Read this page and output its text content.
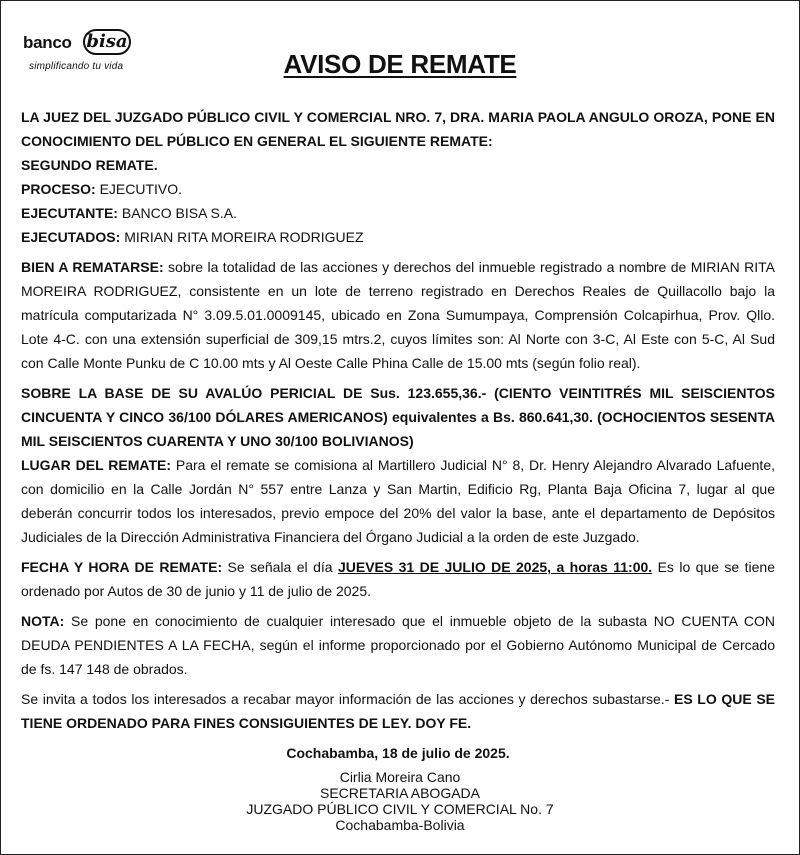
banco bisa
simplificando tu vida	AVISO DE REMATE

LA JUEZ DEL JUZGADO PÚBLICO CIVIL Y COMERCIAL NRO. 7, DRA. MARIA PAOLA ANGULO OROZA, PONE EN CONOCIMIENTO DEL PÚBLICO EN GENERAL EL SIGUIENTE REMATE:

SEGUNDO REMATE.

PROCESO: EJECUTIVO.

EJECUTANTE: BANCO BISA S.A.

EJECUTADOS: MIRIAN RITA MOREIRA RODRIGUEZ

BIEN A REMATARSE: sobre la totalidad de las acciones y derechos del inmueble registrado a nombre de MIRIAN RITA MOREIRA RODRIGUEZ, consistente en un lote de terreno registrado en Derechos Reales de Quillacollo bajo la matrícula computarizada N° 3.09.5.01.0009145, ubicado en Zona Sumumpaya, Comprensión Colcapirhua, Prov. Qllo. Lote 4-C. con una extensión superficial de 309,15 mtrs.2, cuyos límites son: Al Norte con 3-C, Al Este con 5-C, Al Sud con Calle Monte Punku de C 10.00 mts y Al Oeste Calle Phina Calle de 15.00 mts (según folio real).

SOBRE LA BASE DE SU AVALÚO PERICIAL DE Sus. 123.655,36.- (CIENTO VEINTITRÉS MIL SEISCIENTOS CINCUENTA Y CINCO 36/100 DÓLARES AMERICANOS) equivalentes a Bs. 860.641,30. (OCHOCIENTOS SESENTA MIL SEISCIENTOS CUARENTA Y UNO 30/100 BOLIVIANOS)

LUGAR DEL REMATE: Para el remate se comisiona al Martillero Judicial N° 8, Dr. Henry Alejandro Alvarado Lafuente, con domicilio en la Calle Jordán N° 557 entre Lanza y San Martin, Edificio Rg, Planta Baja Oficina 7, lugar al que deberán concurrir todos los interesados, previo empoce del 20% del valor la base, ante el departamento de Depósitos Judiciales de la Dirección Administrativa Financiera del Órgano Judicial a la orden de este Juzgado.

FECHA Y HORA DE REMATE: Se señala el día JUEVES 31 DE JULIO DE 2025, a horas 11:00. Es lo que se tiene ordenado por Autos de 30 de junio y 11 de julio de 2025.

NOTA: Se pone en conocimiento de cualquier interesado que el inmueble objeto de la subasta NO CUENTA CON DEUDA PENDIENTES A LA FECHA, según el informe proporcionado por el Gobierno Autónomo Municipal de Cercado de fs. 147 148 de obrados.

Se invita a todos los interesados a recabar mayor información de las acciones y derechos subastarse.- ES LO QUE SE TIENE ORDENADO PARA FINES CONSIGUIENTES DE LEY. DOY FE.

Cochabamba, 18 de julio de 2025.

Cirlia Moreira Cano
SECRETARIA ABOGADA
JUZGADO PÚBLICO CIVIL Y COMERCIAL No. 7
Cochabamba-Bolivia
